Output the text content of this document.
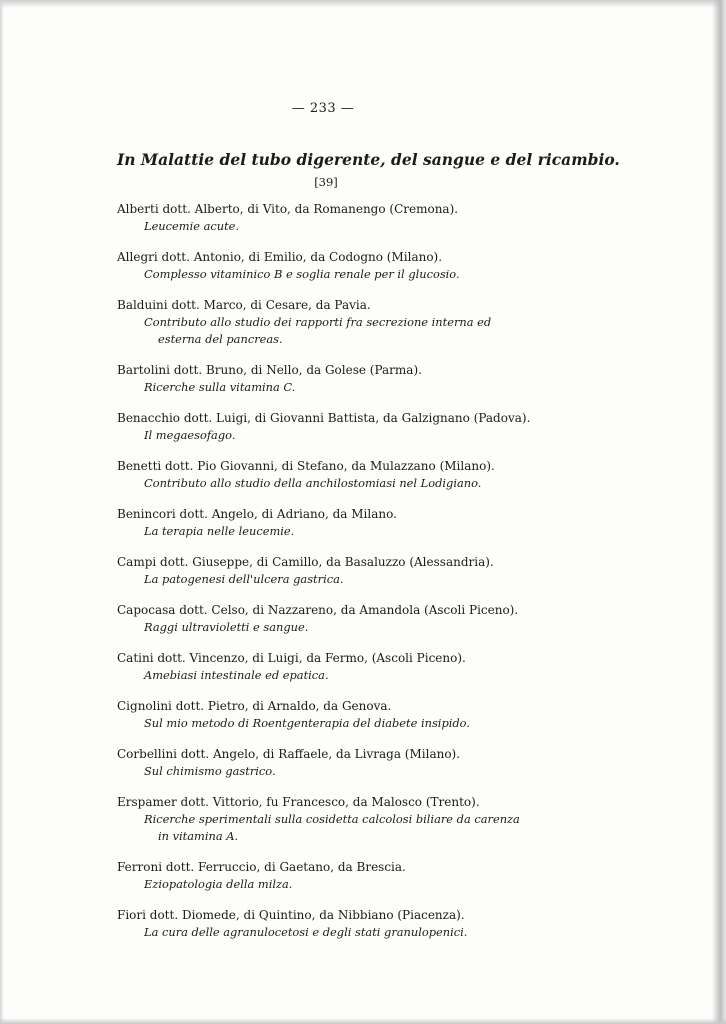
— 233 —
In Malattie del tubo digerente, del sangue e del ricambio.
[39]
Alberti dott. Alberto, di Vito, da Romanengo (Cremona).
Leucemie acute.
Allegri dott. Antonio, di Emilio, da Codogno (Milano).
Complesso vitaminico B e soglia renale per il glucosio.
Balduini dott. Marco, di Cesare, da Pavia.
Contributo allo studio dei rapporti fra secrezione interna ed
esterna del pancreas.
Bartolini dott. Bruno, di Nello, da Golese (Parma).
Ricerche sulla vitamina C.
Benacchio dott. Luigi, di Giovanni Battista, da Galzignano (Padova).
Il megaesofago.
Benetti dott. Pio Giovanni, di Stefano, da Mulazzano (Milano).
Contributo allo studio della anchilostomiasi nel Lodigiano.
Benincori dott. Angelo, di Adriano, da Milano.
La terapia nelle leucemie.
Campi dott. Giuseppe, di Camillo, da Basaluzzo (Alessandria).
La patogenesi dell'ulcera gastrica.
Capocasa dott. Celso, di Nazzareno, da Amandola (Ascoli Piceno).
Raggi ultravioletti e sangue.
Catini dott. Vincenzo, di Luigi, da Fermo, (Ascoli Piceno).
Amebiasi intestinale ed epatica.
Cignolini dott. Pietro, di Arnaldo, da Genova.
Sul mio metodo di Roentgenterapia del diabete insipido.
Corbellini dott. Angelo, di Raffaele, da Livraga (Milano).
Sul chimismo gastrico.
Erspamer dott. Vittorio, fu Francesco, da Malosco (Trento).
Ricerche sperimentali sulla cosidetta calcolosi biliare da carenza
in vitamina A.
Ferroni dott. Ferruccio, di Gaetano, da Brescia.
Eziopatologia della milza.
Fiori dott. Diomede, di Quintino, da Nibbiano (Piacenza).
La cura delle agranulocetosi e degli stati granulopenici.
